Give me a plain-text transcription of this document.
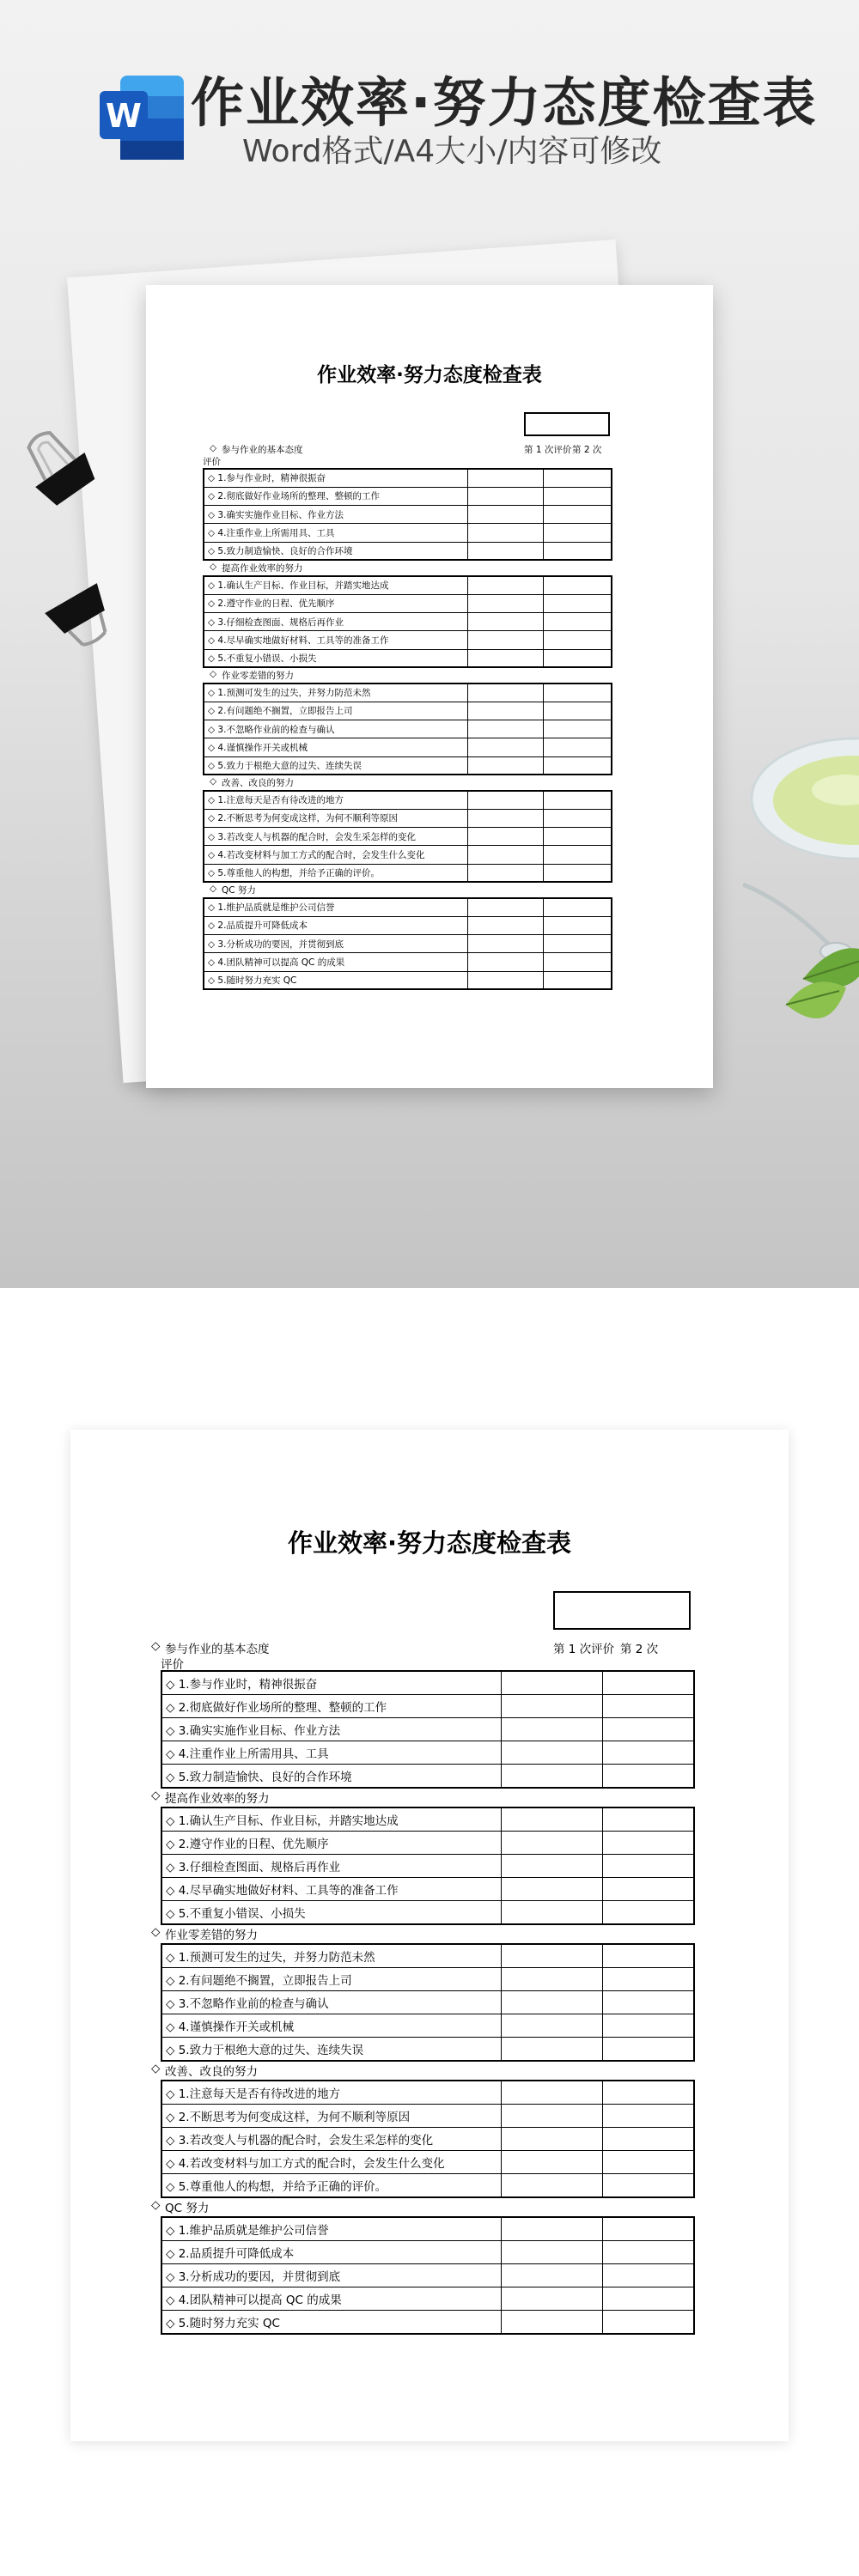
W 作业效率·努力态度检查表
Word格式/A4大小/内容可修改
作业效率·努力态度检查表
◇ 参与作业的基本态度	第 1 次评价 第 2 次
评价
◇ 1.参与作业时，精神很振奋		
◇ 2.彻底做好作业场所的整理、整顿的工作		
◇ 3.确实实施作业目标、作业方法		
◇ 4.注重作业上所需用具、工具		
◇ 5.致力制造愉快、良好的合作环境		
◇ 提高作业效率的努力
◇ 1.确认生产目标、作业目标，并踏实地达成		
◇ 2.遵守作业的日程、优先顺序		
◇ 3.仔细检查图面、规格后再作业		
◇ 4.尽早确实地做好材料、工具等的准备工作		
◇ 5.不重复小错误、小损失		
◇ 作业零差错的努力
◇ 1.预测可发生的过失，并努力防范未然		
◇ 2.有问题绝不搁置，立即报告上司		
◇ 3.不忽略作业前的检查与确认		
◇ 4.谨慎操作开关或机械		
◇ 5.致力于根绝大意的过失、连续失误		
◇ 改善、改良的努力
◇ 1.注意每天是否有待改进的地方		
◇ 2.不断思考为何变成这样，为何不顺利等原因		
◇ 3.若改变人与机器的配合时，会发生采怎样的变化		
◇ 4.若改变材料与加工方式的配合时，会发生什么变化		
◇ 5.尊重他人的构想，并给予正确的评价。		
◇ QC 努力
◇ 1.维护品质就是维护公司信誉		
◇ 2.品质提升可降低成本		
◇ 3.分析成功的要因，并贯彻到底		
◇ 4.团队精神可以提高 QC 的成果		
◇ 5.随时努力充实 QC		
作业效率·努力态度检查表
◇ 参与作业的基本态度	第 1 次评价 第 2 次
评价
◇ 1.参与作业时，精神很振奋		
◇ 2.彻底做好作业场所的整理、整顿的工作		
◇ 3.确实实施作业目标、作业方法		
◇ 4.注重作业上所需用具、工具		
◇ 5.致力制造愉快、良好的合作环境		
◇ 提高作业效率的努力
◇ 1.确认生产目标、作业目标，并踏实地达成		
◇ 2.遵守作业的日程、优先顺序		
◇ 3.仔细检查图面、规格后再作业		
◇ 4.尽早确实地做好材料、工具等的准备工作		
◇ 5.不重复小错误、小损失		
◇ 作业零差错的努力
◇ 1.预测可发生的过失，并努力防范未然		
◇ 2.有问题绝不搁置，立即报告上司		
◇ 3.不忽略作业前的检查与确认		
◇ 4.谨慎操作开关或机械		
◇ 5.致力于根绝大意的过失、连续失误		
◇ 改善、改良的努力
◇ 1.注意每天是否有待改进的地方		
◇ 2.不断思考为何变成这样，为何不顺利等原因		
◇ 3.若改变人与机器的配合时，会发生采怎样的变化		
◇ 4.若改变材料与加工方式的配合时，会发生什么变化		
◇ 5.尊重他人的构想，并给予正确的评价。		
◇ QC 努力
◇ 1.维护品质就是维护公司信誉		
◇ 2.品质提升可降低成本		
◇ 3.分析成功的要因，并贯彻到底		
◇ 4.团队精神可以提高 QC 的成果		
◇ 5.随时努力充实 QC		
